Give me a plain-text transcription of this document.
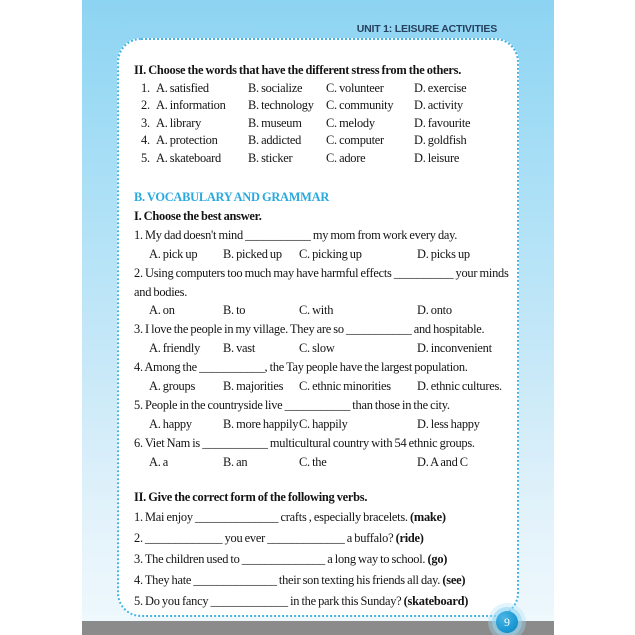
UNIT 1: LEISURE ACTIVITIES
II. Choose the words that have the different stress from the others.
1. A. satisfied	B. socialize	C. volunteer	D. exercise
2. A. information	B. technology C. community	D. activity
3. A. library	B. museum	C. melody	D. favourite
4. A. protection	B. addicted	C. computer	D. goldfish
5. A. skateboard	B. sticker	C. adore	D. leisure
B. VOCABULARY AND GRAMMAR
I. Choose the best answer.
1. My dad doesn't mind ___________ my mom from work every day.
A. pick up	B. picked up	C. picking up	D. picks up
2. Using computers too much may have harmful effects __________ your minds
and bodies.
A. on	B. to	C. with	D. onto
3. I love the people in my village. They are so ___________ and hospitable.
A. friendly	B. vast	C. slow	D. inconvenient
4. Among the ___________, the Tay people have the largest population.
A. groups	B. majorities	C. ethnic minorities	D. ethnic cultures.
5. People in the countryside live ___________ than those in the city.
A. happy	B. more happily C. happily	D. less happy
6. Viet Nam is ___________ multicultural country with 54 ethnic groups.
A. a	B. an	C. the	D. A and C
II. Give the correct form of the following verbs.
1. Mai enjoy ______________ crafts , especially bracelets. (make)
2. _____________ you ever _____________ a buffalo? (ride)
3. The children used to ______________ a long way to school. (go)
4. They hate ______________ their son texting his friends all day. (see)
5. Do you fancy _____________ in the park this Sunday? (skateboard)
9
